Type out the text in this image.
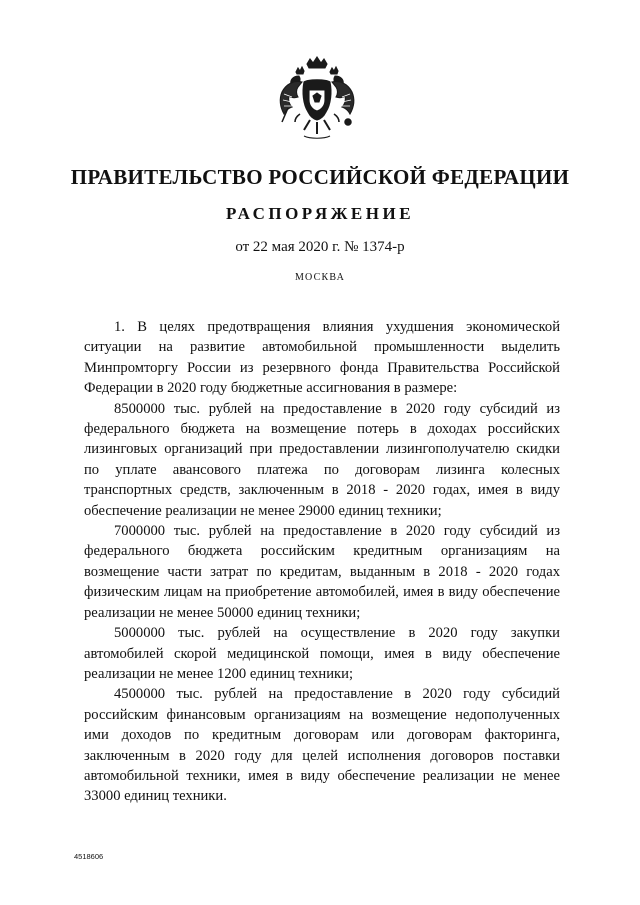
ПРАВИТЕЛЬСТВО РОССИЙСКОЙ ФЕДЕРАЦИИ
РАСПОРЯЖЕНИЕ

от 22 мая 2020 г. № 1374-р

МОСКВА

1. В целях предотвращения влияния ухудшения экономической ситуации на развитие автомобильной промышленности выделить Минпромторгу России из резервного фонда Правительства Российской Федерации в 2020 году бюджетные ассигнования в размере:

8500000 тыс. рублей на предоставление в 2020 году субсидий из федерального бюджета на возмещение потерь в доходах российских лизинговых организаций при предоставлении лизингополучателю скидки по уплате авансового платежа по договорам лизинга колесных транспортных средств, заключенным в 2018 - 2020 годах, имея в виду обеспечение реализации не менее 29000 единиц техники;

7000000 тыс. рублей на предоставление в 2020 году субсидий из федерального бюджета российским кредитным организациям на возмещение части затрат по кредитам, выданным в 2018 - 2020 годах физическим лицам на приобретение автомобилей, имея в виду обеспечение реализации не менее 50000 единиц техники;

5000000 тыс. рублей на осуществление в 2020 году закупки автомобилей скорой медицинской помощи, имея в виду обеспечение реализации не менее 1200 единиц техники;

4500000 тыс. рублей на предоставление в 2020 году субсидий российским финансовым организациям на возмещение недополученных ими доходов по кредитным договорам или договорам факторинга, заключенным в 2020 году для целей исполнения договоров поставки автомобильной техники, имея в виду обеспечение реализации не менее 33000 единиц техники.

4518606
